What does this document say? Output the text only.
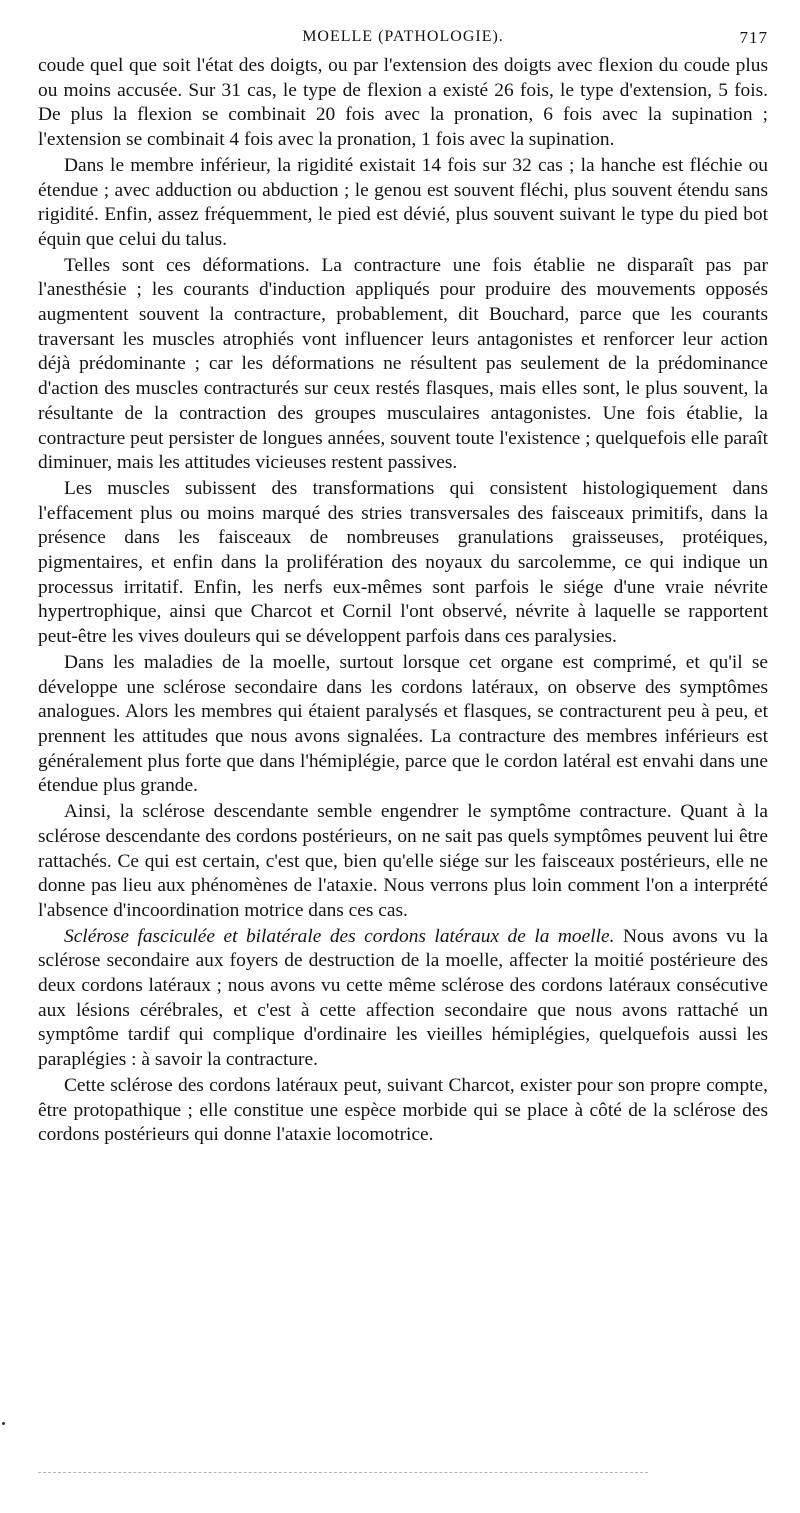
MOELLE (PATHOLOGIE).	717

coude quel que soit l'état des doigts, ou par l'extension des doigts avec flexion du coude plus ou moins accusée. Sur 31 cas, le type de flexion a existé 26 fois, le type d'extension, 5 fois. De plus la flexion se combinait 20 fois avec la pronation, 6 fois avec la supination ; l'extension se combinait 4 fois avec la pronation, 1 fois avec la supination.

Dans le membre inférieur, la rigidité existait 14 fois sur 32 cas ; la hanche est fléchie ou étendue ; avec adduction ou abduction ; le genou est souvent fléchi, plus souvent étendu sans rigidité. Enfin, assez fréquemment, le pied est dévié, plus souvent suivant le type du pied bot équin que celui du talus.

Telles sont ces déformations. La contracture une fois établie ne disparaît pas par l'anesthésie ; les courants d'induction appliqués pour produire des mouvements opposés augmentent souvent la contracture, probablement, dit Bouchard, parce que les courants traversant les muscles atrophiés vont influencer leurs antagonistes et renforcer leur action déjà prédominante ; car les déformations ne résultent pas seulement de la prédominance d'action des muscles contracturés sur ceux restés flasques, mais elles sont, le plus souvent, la résultante de la contraction des groupes musculaires antagonistes. Une fois établie, la contracture peut persister de longues années, souvent toute l'existence ; quelquefois elle paraît diminuer, mais les attitudes vicieuses restent passives.

Les muscles subissent des transformations qui consistent histologiquement dans l'effacement plus ou moins marqué des stries transversales des faisceaux primitifs, dans la présence dans les faisceaux de nombreuses granulations graisseuses, protéiques, pigmentaires, et enfin dans la prolifération des noyaux du sarcolemme, ce qui indique un processus irritatif. Enfin, les nerfs eux-mêmes sont parfois le siége d'une vraie névrite hypertrophique, ainsi que Charcot et Cornil l'ont observé, névrite à laquelle se rapportent peut-être les vives douleurs qui se développent parfois dans ces paralysies.

Dans les maladies de la moelle, surtout lorsque cet organe est comprimé, et qu'il se développe une sclérose secondaire dans les cordons latéraux, on observe des symptômes analogues. Alors les membres qui étaient paralysés et flasques, se contracturent peu à peu, et prennent les attitudes que nous avons signalées. La contracture des membres inférieurs est généralement plus forte que dans l'hémiplégie, parce que le cordon latéral est envahi dans une étendue plus grande.

Ainsi, la sclérose descendante semble engendrer le symptôme contracture. Quant à la sclérose descendante des cordons postérieurs, on ne sait pas quels symptômes peuvent lui être rattachés. Ce qui est certain, c'est que, bien qu'elle siége sur les faisceaux postérieurs, elle ne donne pas lieu aux phénomènes de l'ataxie. Nous verrons plus loin comment l'on a interprété l'absence d'incoordination motrice dans ces cas.

Sclérose fasciculée et bilatérale des cordons latéraux de la moelle. Nous avons vu la sclérose secondaire aux foyers de destruction de la moelle, affecter la moitié postérieure des deux cordons latéraux ; nous avons vu cette même sclérose des cordons latéraux consécutive aux lésions cérébrales, et c'est à cette affection secondaire que nous avons rattaché un symptôme tardif qui complique d'ordinaire les vieilles hémiplégies, quelquefois aussi les paraplégies : à savoir la contracture.

Cette sclérose des cordons latéraux peut, suivant Charcot, exister pour son propre compte, être protopathique ; elle constitue une espèce morbide qui se place à côté de la sclérose des cordons postérieurs qui donne l'ataxie locomotrice.
